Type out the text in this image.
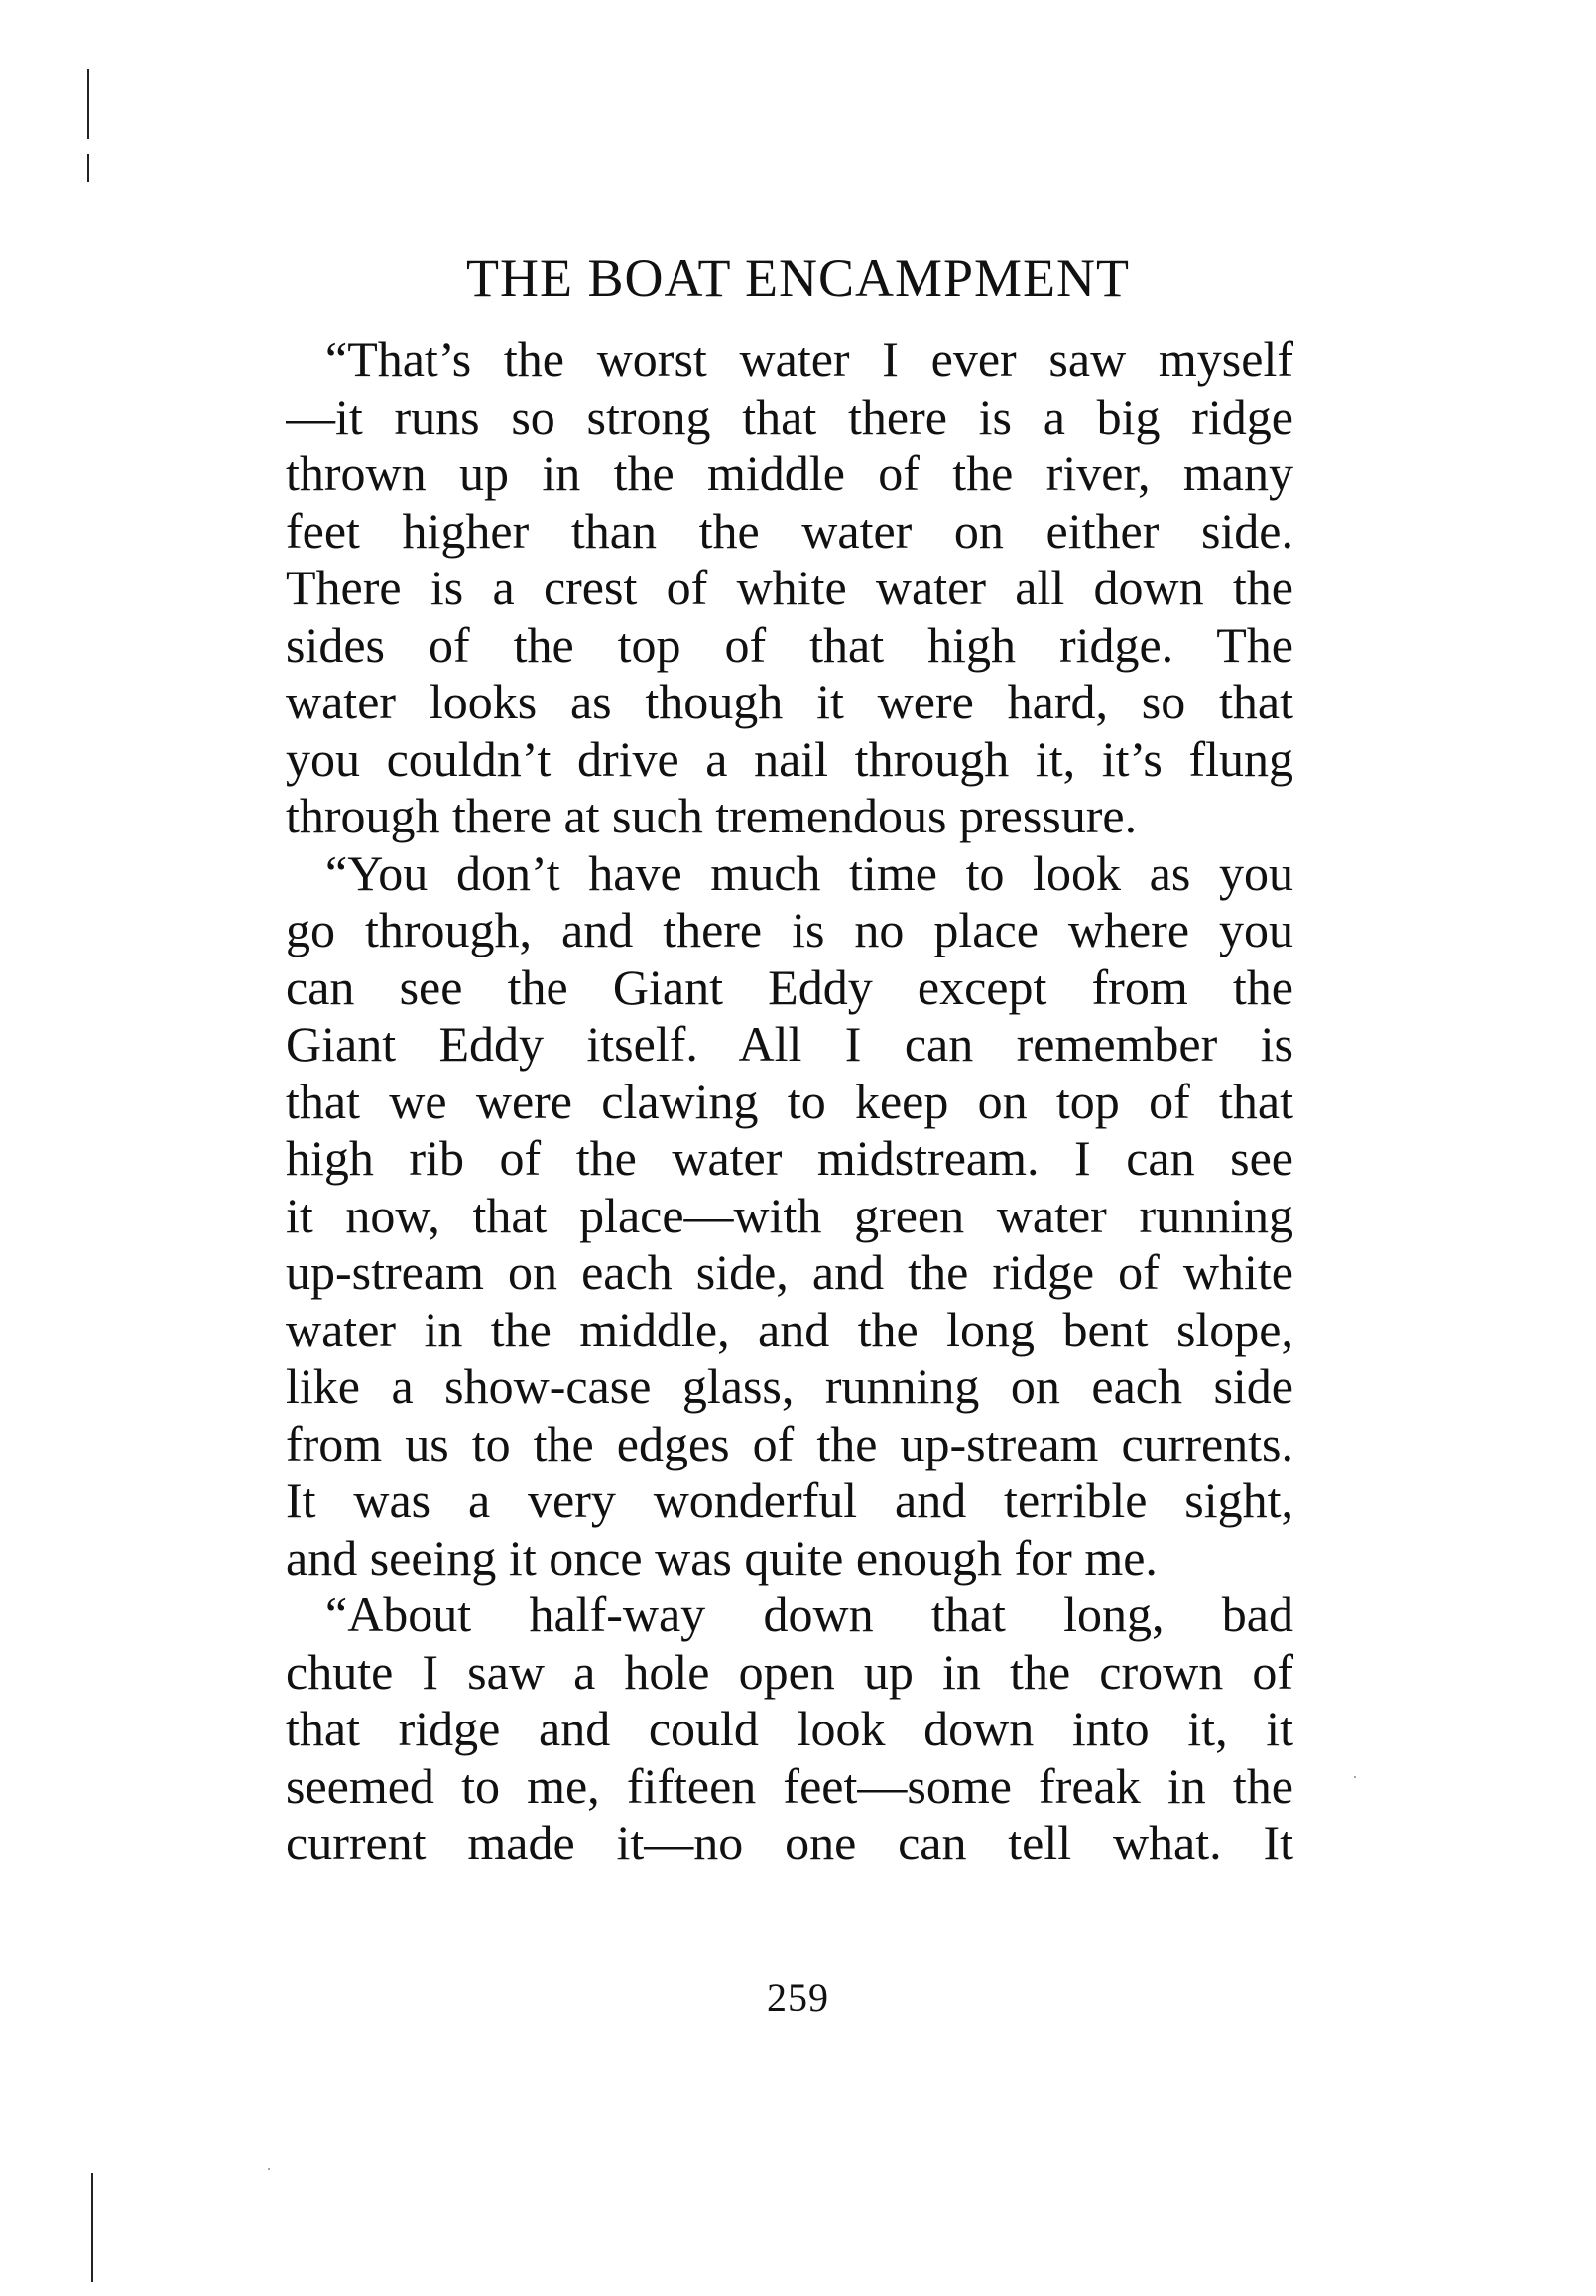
THE BOAT ENCAMPMENT
“That’s the worst water I ever saw myself
—it runs so strong that there is a big ridge
thrown up in the middle of the river, many
feet higher than the water on either side.
There is a crest of white water all down the
sides of the top of that high ridge. The
water looks as though it were hard, so that
you couldn’t drive a nail through it, it’s flung
through there at such tremendous pressure.
“You don’t have much time to look as you
go through, and there is no place where you
can see the Giant Eddy except from the
Giant Eddy itself. All I can remember is
that we were clawing to keep on top of that
high rib of the water midstream. I can see
it now, that place—with green water running
up-stream on each side, and the ridge of white
water in the middle, and the long bent slope,
like a show-case glass, running on each side
from us to the edges of the up-stream currents.
It was a very wonderful and terrible sight,
and seeing it once was quite enough for me.
“About half-way down that long, bad
chute I saw a hole open up in the crown of
that ridge and could look down into it, it
seemed to me, fifteen feet—some freak in the
current made it—no one can tell what. It
259
